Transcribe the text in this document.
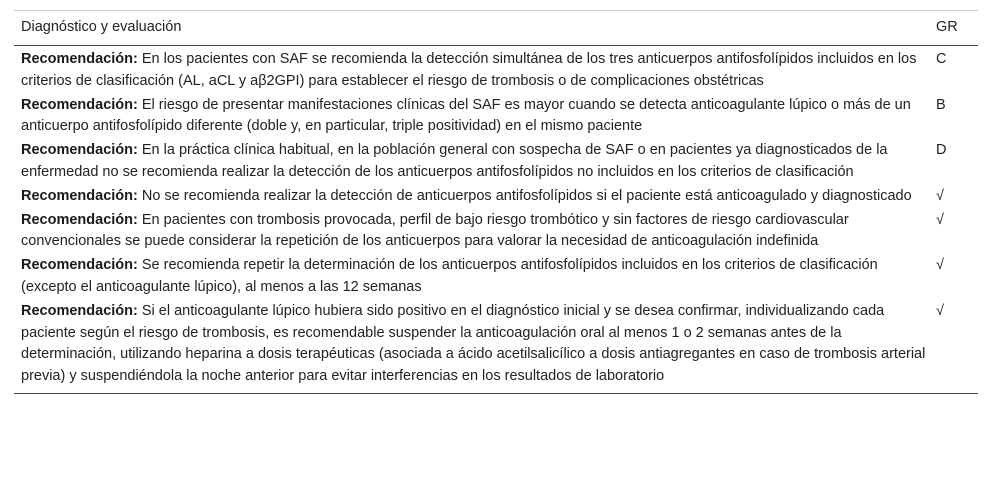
Diagnóstico y evaluación	GR
Recomendación: En los pacientes con SAF se recomienda la detección simultánea de los tres anticuerpos antifosfolípidos incluidos en los criterios de clasificación (AL, aCL y aβ2GPI) para establecer el riesgo de trombosis o de complicaciones obstétricas	C
Recomendación: El riesgo de presentar manifestaciones clínicas del SAF es mayor cuando se detecta anticoagulante lúpico o más de un anticuerpo antifosfolípido diferente (doble y, en particular, triple positividad) en el mismo paciente	B
Recomendación: En la práctica clínica habitual, en la población general con sospecha de SAF o en pacientes ya diagnosticados de la enfermedad no se recomienda realizar la detección de los anticuerpos antifosfolípidos no incluidos en los criterios de clasificación	D
Recomendación: No se recomienda realizar la detección de anticuerpos antifosfolípidos si el paciente está anticoagulado y diagnosticado	√
Recomendación: En pacientes con trombosis provocada, perfil de bajo riesgo trombótico y sin factores de riesgo cardiovascular convencionales se puede considerar la repetición de los anticuerpos para valorar la necesidad de anticoagulación indefinida	√
Recomendación: Se recomienda repetir la determinación de los anticuerpos antifosfolípidos incluidos en los criterios de clasificación (excepto el anticoagulante lúpico), al menos a las 12 semanas	√
Recomendación: Si el anticoagulante lúpico hubiera sido positivo en el diagnóstico inicial y se desea confirmar, individualizando cada paciente según el riesgo de trombosis, es recomendable suspender la anticoagulación oral al menos 1 o 2 semanas antes de la determinación, utilizando heparina a dosis terapéuticas (asociada a ácido acetilsalicílico a dosis antiagregantes en caso de trombosis arterial previa) y suspendiéndola la noche anterior para evitar interferencias en los resultados de laboratorio	√
